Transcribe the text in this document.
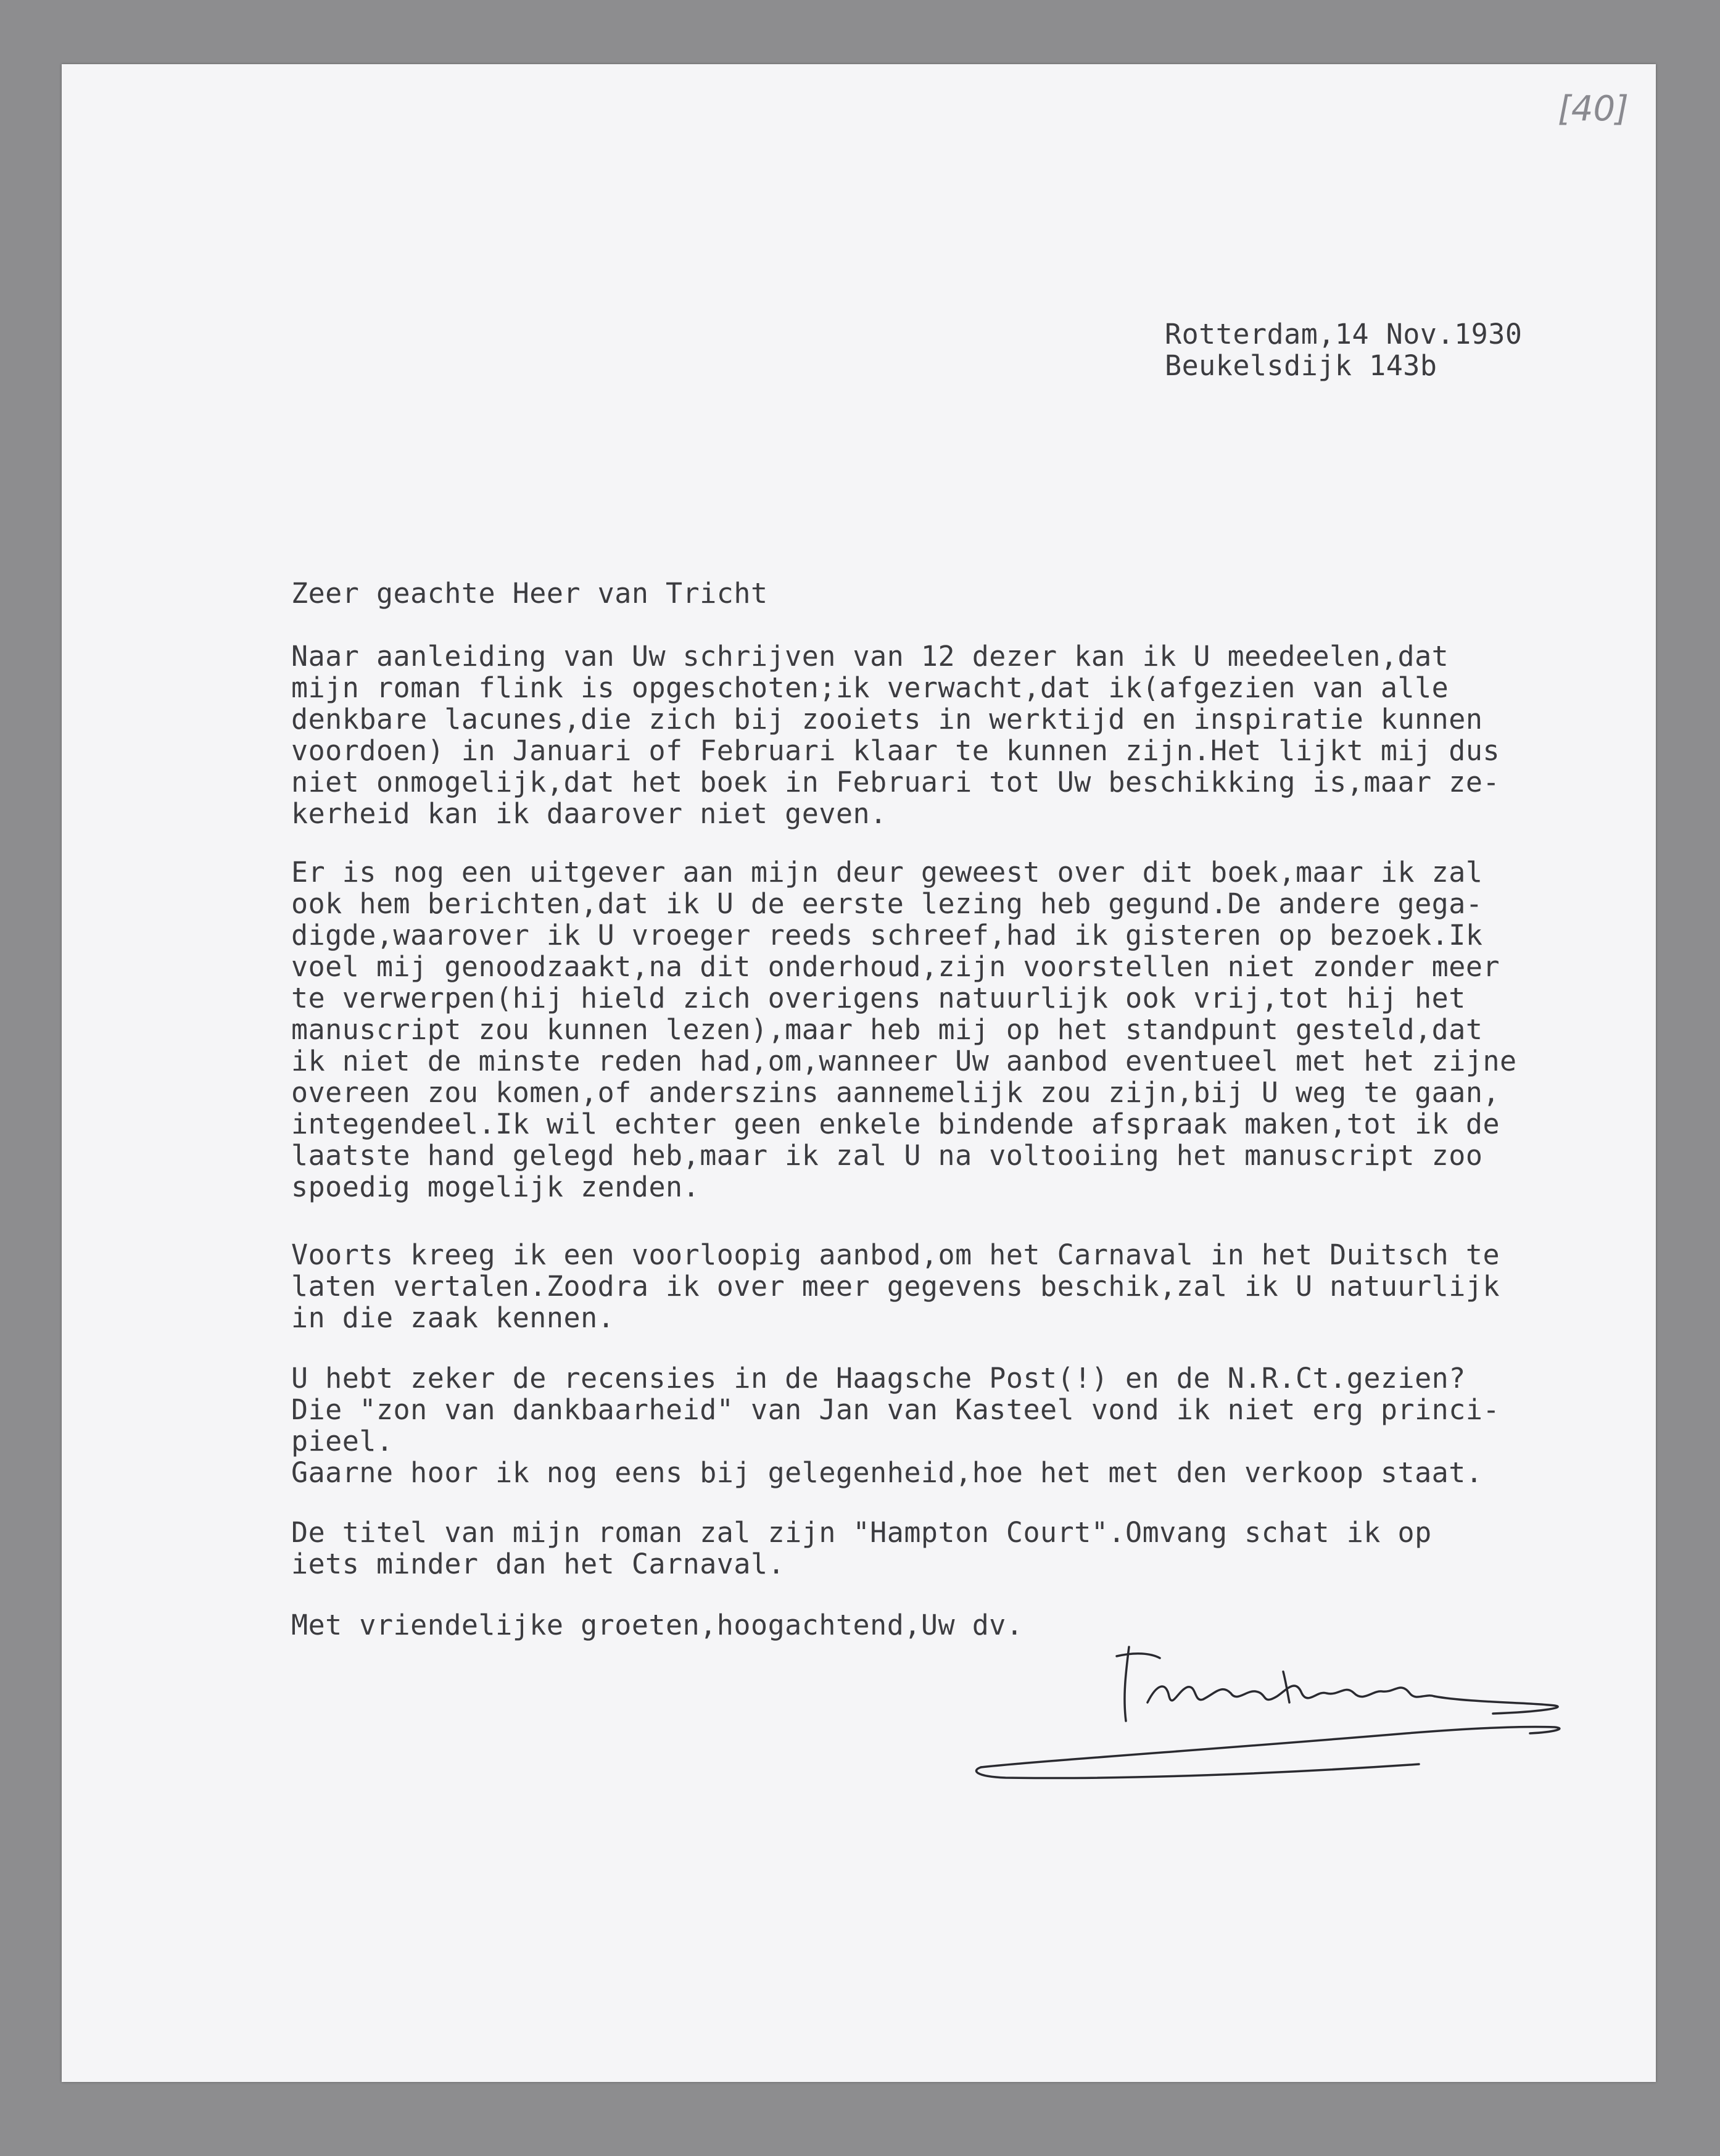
[40]

Rotterdam,14 Nov.1930

Beukelsdijk 143b

Zeer geachte Heer van Tricht

Naar aanleiding van Uw schrijven van 12 dezer kan ik U meedeelen,dat
mijn roman flink is opgeschoten;ik verwacht,dat ik(afgezien van alle
denkbare lacunes,die zich bij zooiets in werktijd en inspiratie kunnen
voordoen) in Januari of Februari klaar te kunnen zijn.Het lijkt mij dus
niet onmogelijk,dat het boek in Februari tot Uw beschikking is,maar ze-
kerheid kan ik daarover niet geven.

Er is nog een uitgever aan mijn deur geweest over dit boek,maar ik zal
ook hem berichten,dat ik U de eerste lezing heb gegund.De andere gega-
digde,waarover ik U vroeger reeds schreef,had ik gisteren op bezoek.Ik
voel mij genoodzaakt,na dit onderhoud,zijn voorstellen niet zonder meer
te verwerpen(hij hield zich overigens natuurlijk ook vrij,tot hij het
manuscript zou kunnen lezen),maar heb mij op het standpunt gesteld,dat
ik niet de minste reden had,om,wanneer Uw aanbod eventueel met het zijne
overeen zou komen,of anderszins aannemelijk zou zijn,bij U weg te gaan,
integendeel.Ik wil echter geen enkele bindende afspraak maken,tot ik de
laatste hand gelegd heb,maar ik zal U na voltooiing het manuscript zoo
spoedig mogelijk zenden.

Voorts kreeg ik een voorloopig aanbod,om het Carnaval in het Duitsch te
laten vertalen.Zoodra ik over meer gegevens beschik,zal ik U natuurlijk
in die zaak kennen.

U hebt zeker de recensies in de Haagsche Post(!) en de N.R.Ct.gezien?
Die "zon van dankbaarheid" van Jan van Kasteel vond ik niet erg princi-
pieel.
Gaarne hoor ik nog eens bij gelegenheid,hoe het met den verkoop staat.

De titel van mijn roman zal zijn "Hampton Court".Omvang schat ik op
iets minder dan het Carnaval.

Met vriendelijke groeten,hoogachtend,Uw dv.
